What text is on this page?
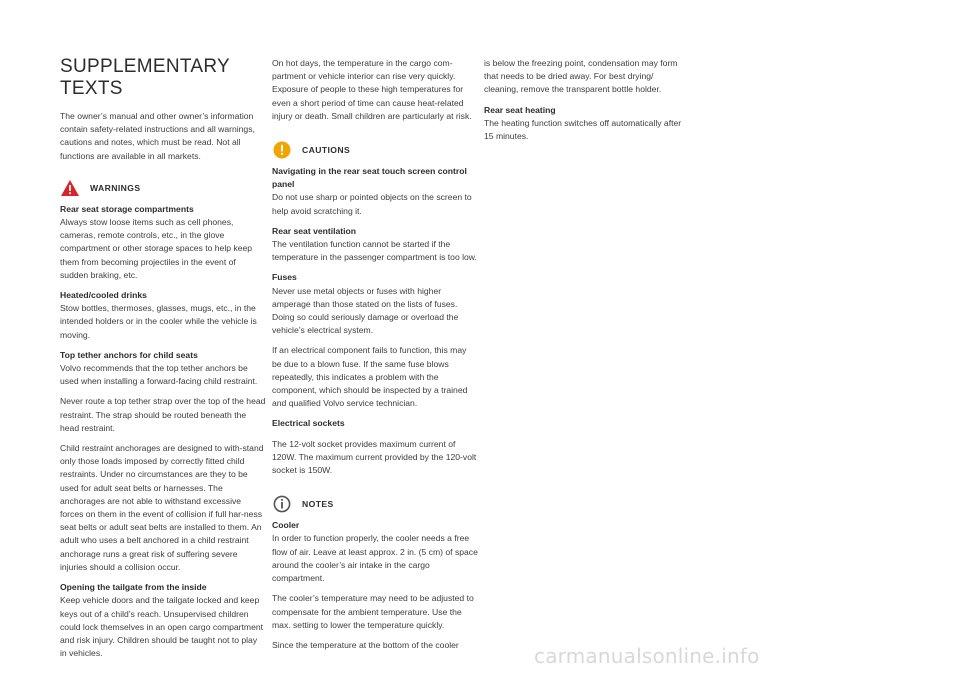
SUPPLEMENTARY
TEXTS

The owner’s manual and other owner’s information contain safety-related instructions and all warnings, cautions and notes, which must be read. Not all functions are available in all markets.

WARNINGS

Rear seat storage compartments
Always stow loose items such as cell phones, cameras, remote controls, etc., in the glove compartment or other storage spaces to help keep them from becoming projectiles in the event of sudden braking, etc.

Heated/cooled drinks
Stow bottles, thermoses, glasses, mugs, etc., in the intended holders or in the cooler while the vehicle is moving.

Top tether anchors for child seats
Volvo recommends that the top tether anchors be used when installing a forward-facing child restraint.

Never route a top tether strap over the top of the head restraint. The strap should be routed beneath the head restraint.

Child restraint anchorages are designed to with-stand only those loads imposed by correctly fitted child restraints. Under no circumstances are they to be used for adult seat belts or harnesses. The anchorages are not able to withstand excessive forces on them in the event of collision if full har-ness seat belts or adult seat belts are installed to them. An adult who uses a belt anchored in a child restraint anchorage runs a great risk of suffering severe injuries should a collision occur.

Opening the tailgate from the inside
Keep vehicle doors and the tailgate locked and keep keys out of a child’s reach. Unsupervised children could lock themselves in an open cargo compartment and risk injury. Children should be taught not to play in vehicles.

On hot days, the temperature in the cargo com-partment or vehicle interior can rise very quickly. Exposure of people to these high temperatures for even a short period of time can cause heat-related injury or death. Small children are particularly at risk.

CAUTIONS

Navigating in the rear seat touch screen control panel
Do not use sharp or pointed objects on the screen to help avoid scratching it.

Rear seat ventilation
The ventilation function cannot be started if the temperature in the passenger compartment is too low.

Fuses
Never use metal objects or fuses with higher amperage than those stated on the lists of fuses. Doing so could seriously damage or overload the vehicle’s electrical system.

If an electrical component fails to function, this may be due to a blown fuse. If the same fuse blows repeatedly, this indicates a problem with the component, which should be inspected by a trained and qualified Volvo service technician.

Electrical sockets

The 12-volt socket provides maximum current of 120W. The maximum current provided by the 120-volt socket is 150W.

NOTES

Cooler
In order to function properly, the cooler needs a free flow of air. Leave at least approx. 2 in. (5 cm) of space around the cooler’s air intake in the cargo compartment.

The cooler’s temperature may need to be adjusted to compensate for the ambient temperature. Use the max. setting to lower the temperature quickly.

Since the temperature at the bottom of the cooler

is below the freezing point, condensation may form that needs to be dried away. For best drying/ cleaning, remove the transparent bottle holder.

Rear seat heating
The heating function switches off automatically after 15 minutes.

carmanualsonline.info
